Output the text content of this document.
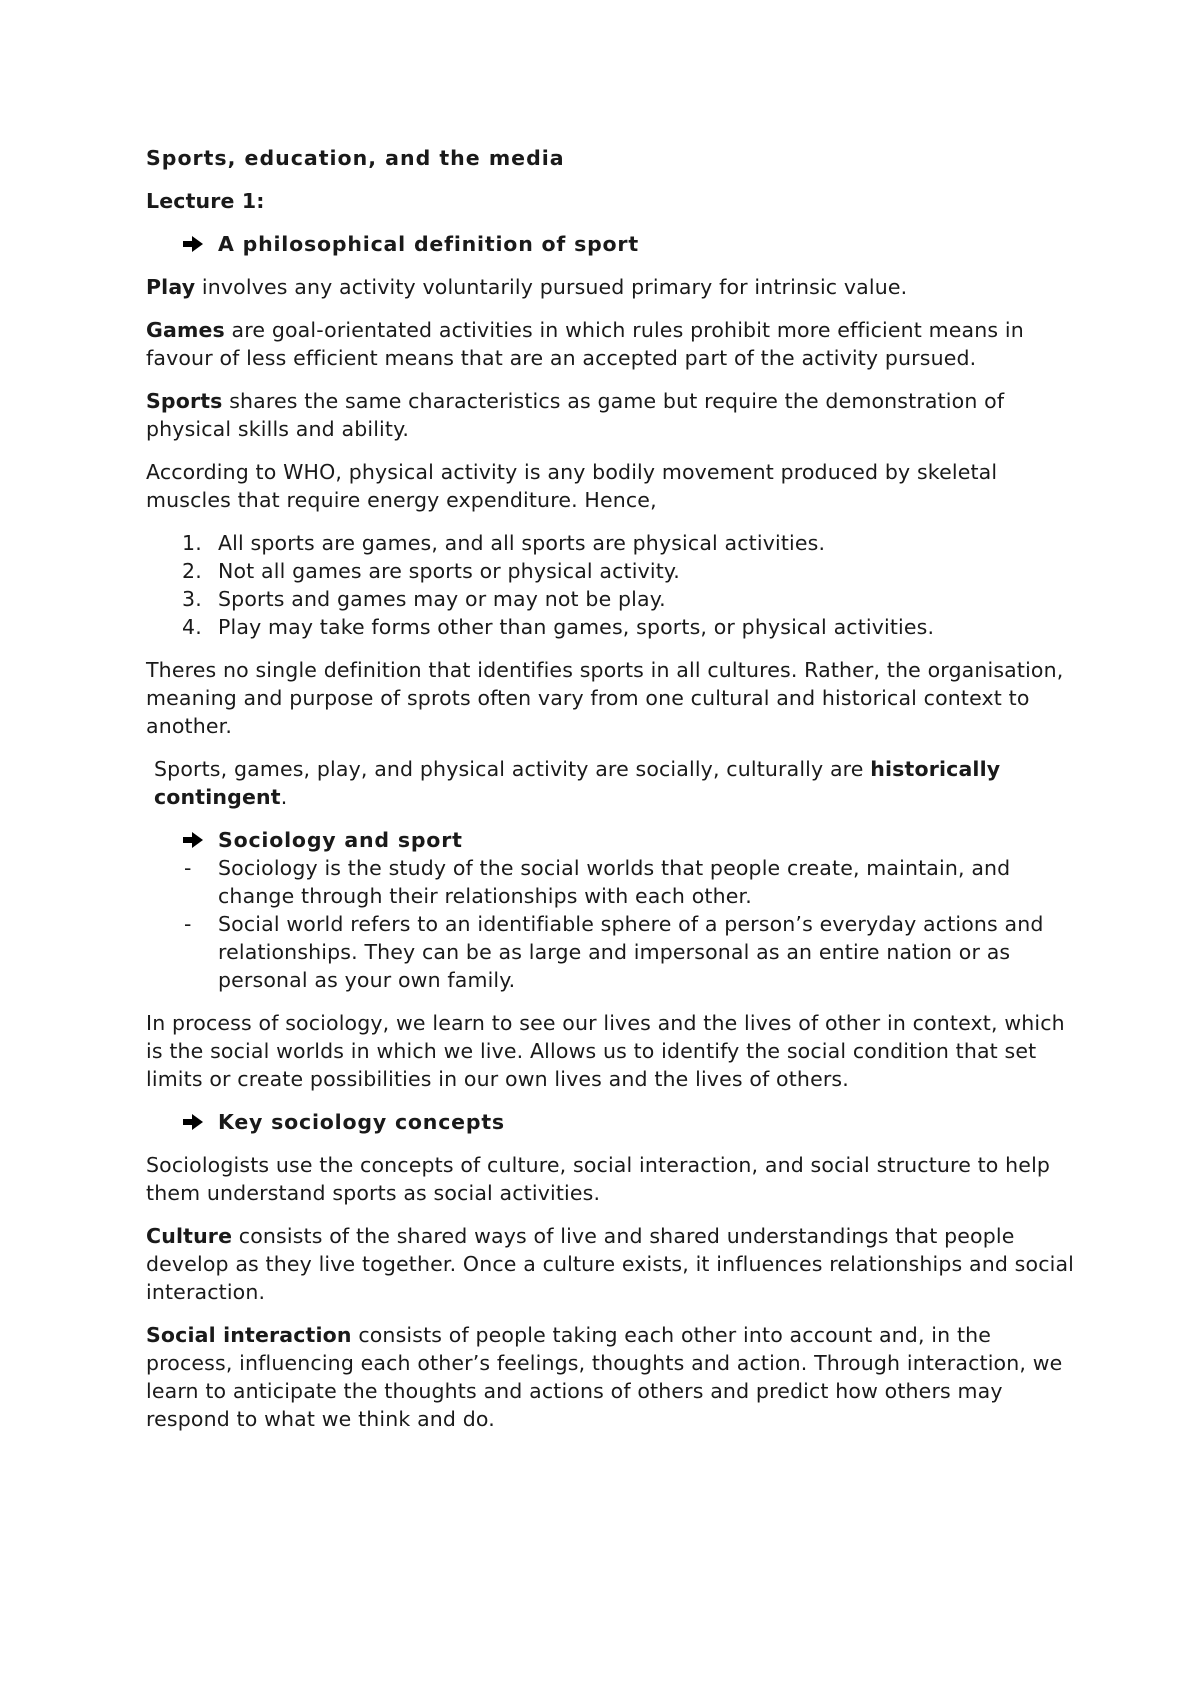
Sports, education, and the media
Lecture 1:
A philosophical definition of sport

Play involves any activity voluntarily pursued primary for intrinsic value.

Games are goal-orientated activities in which rules prohibit more efficient means in favour of less efficient means that are an accepted part of the activity pursued.

Sports shares the same characteristics as game but require the demonstration of physical skills and ability.

According to WHO, physical activity is any bodily movement produced by skeletal muscles that require energy expenditure. Hence,

1. All sports are games, and all sports are physical activities.
2. Not all games are sports or physical activity.
3. Sports and games may or may not be play.
4. Play may take forms other than games, sports, or physical activities.

Theres no single definition that identifies sports in all cultures. Rather, the organisation, meaning and purpose of sprots often vary from one cultural and historical context to another.

Sports, games, play, and physical activity are socially, culturally are historically contingent.

Sociology and sport
-	Sociology is the study of the social worlds that people create, maintain, and change through their relationships with each other.
-	Social world refers to an identifiable sphere of a person’s everyday actions and relationships. They can be as large and impersonal as an entire nation or as personal as your own family.

In process of sociology, we learn to see our lives and the lives of other in context, which is the social worlds in which we live. Allows us to identify the social condition that set limits or create possibilities in our own lives and the lives of others.

Key sociology concepts

Sociologists use the concepts of culture, social interaction, and social structure to help them understand sports as social activities.

Culture consists of the shared ways of live and shared understandings that people develop as they live together. Once a culture exists, it influences relationships and social interaction.

Social interaction consists of people taking each other into account and, in the process, influencing each other’s feelings, thoughts and action. Through interaction, we learn to anticipate the thoughts and actions of others and predict how others may respond to what we think and do.
